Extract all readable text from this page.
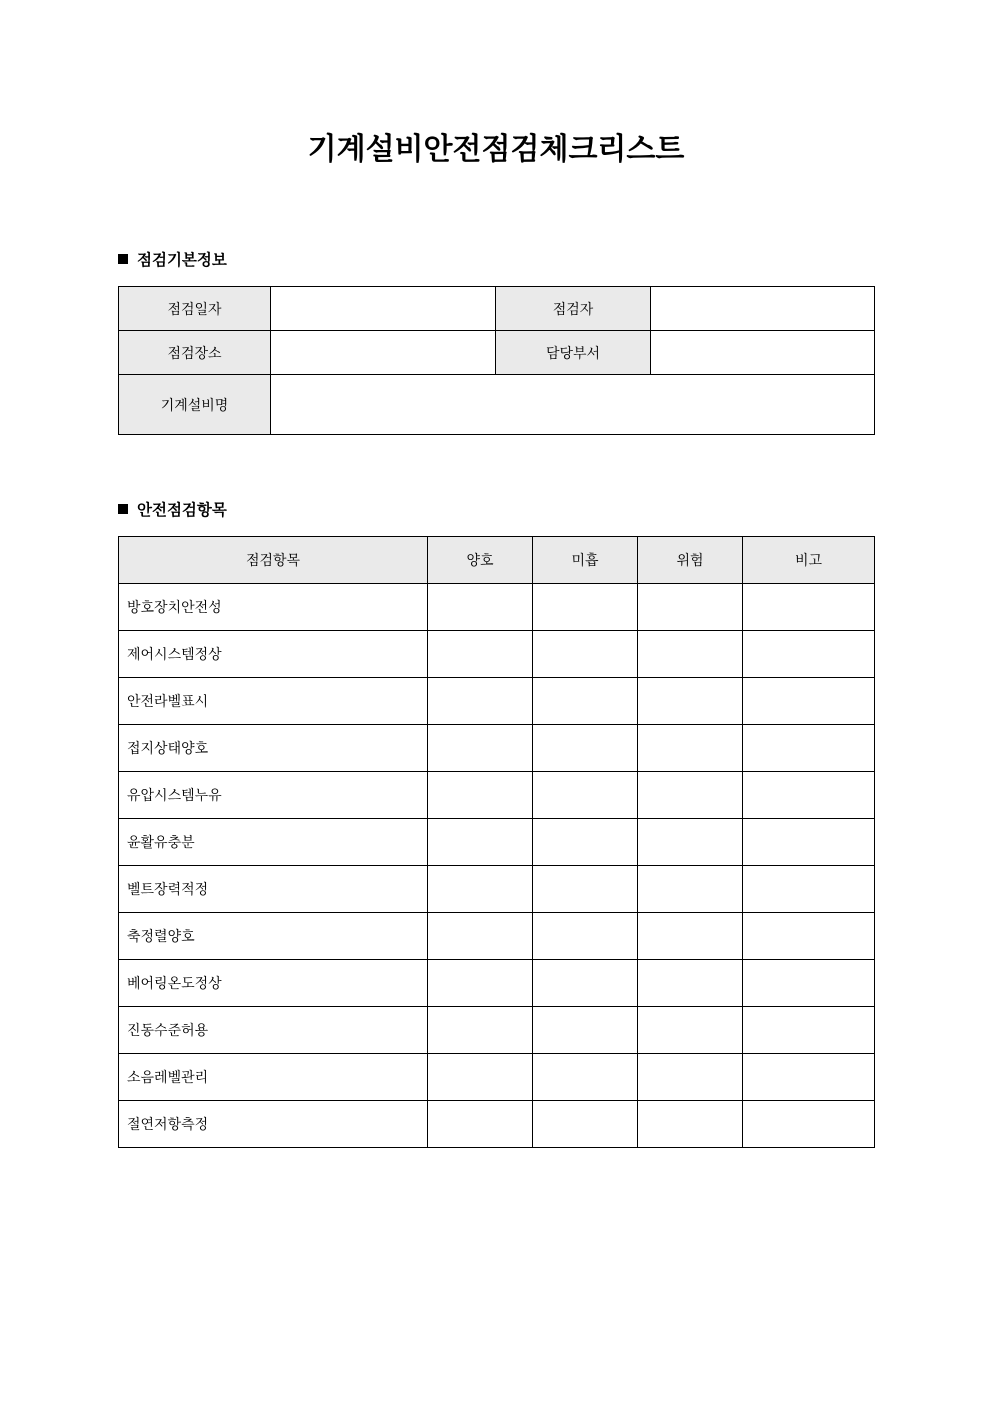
기계설비안전점검체크리스트
점검기본정보
점검일자		점검자	
점검장소		담당부서	
기계설비명			
안전점검항목
점검항목	양호	미흡	위험	비고
방호장치안전성				
제어시스템정상				
안전라벨표시				
접지상태양호				
유압시스템누유				
윤활유충분				
벨트장력적정				
축정렬양호				
베어링온도정상				
진동수준허용				
소음레벨관리				
절연저항측정				
